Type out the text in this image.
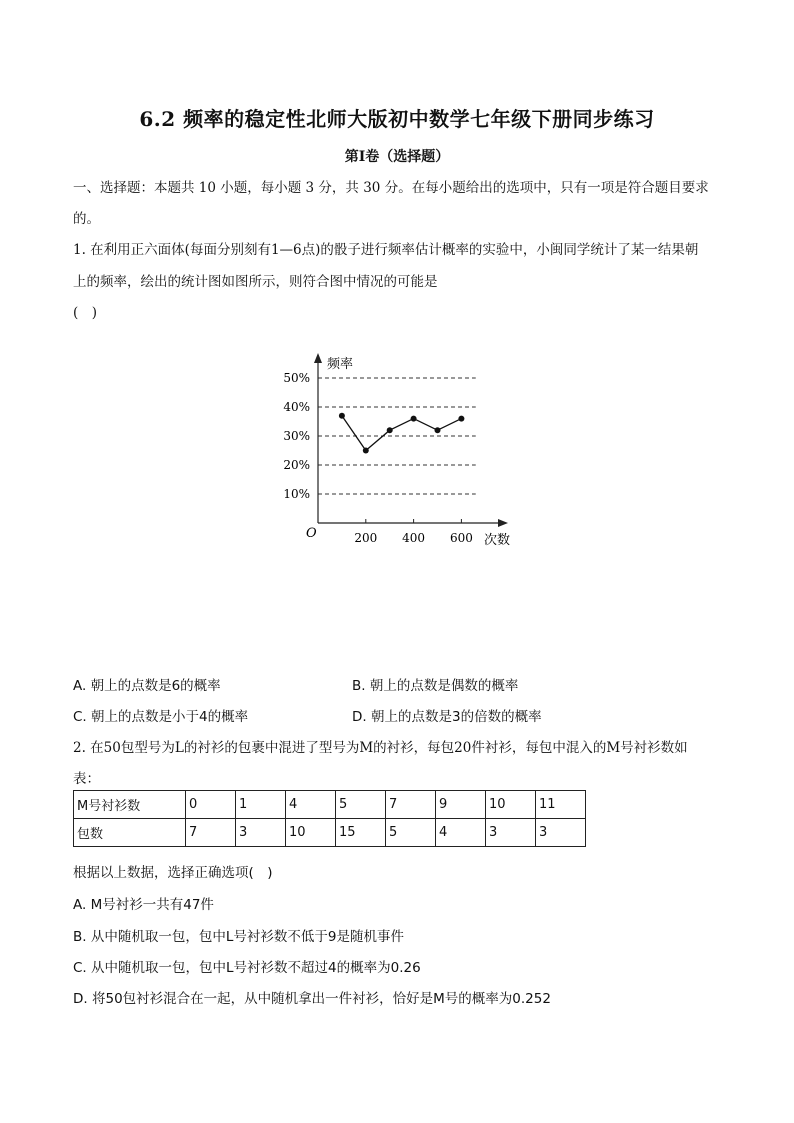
6.2 频率的稳定性北师大版初中数学七年级下册同步练习
第I卷（选择题）
一、选择题：本题共 10 小题，每小题 3 分，共 30 分。在每小题给出的选项中，只有一项是符合题目要求
的。
1. 在利用正六面体(每面分别刻有1—6点)的骰子进行频率估计概率的实验中，小闽同学统计了某一结果朝
上的频率，绘出的统计图如图所示，则符合图中情况的可能是
(　)
频率
次数
O
10%
20%
30%
40%
50%
200 400 600
A. 朝上的点数是6的概率	B. 朝上的点数是偶数的概率
C. 朝上的点数是小于4的概率	D. 朝上的点数是3的倍数的概率
2. 在50包型号为L的衬衫的包裹中混进了型号为M的衬衫，每包20件衬衫，每包中混入的M号衬衫数如
表：
M号衬衫数	0	1	4	5	7	9	10	11
包数	7	3	10	15	5	4	3	3
根据以上数据，选择正确选项(　)
A. M号衬衫一共有47件
B. 从中随机取一包，包中L号衬衫数不低于9是随机事件
C. 从中随机取一包，包中L号衬衫数不超过4的概率为0.26
D. 将50包衬衫混合在一起，从中随机拿出一件衬衫，恰好是M号的概率为0.252
